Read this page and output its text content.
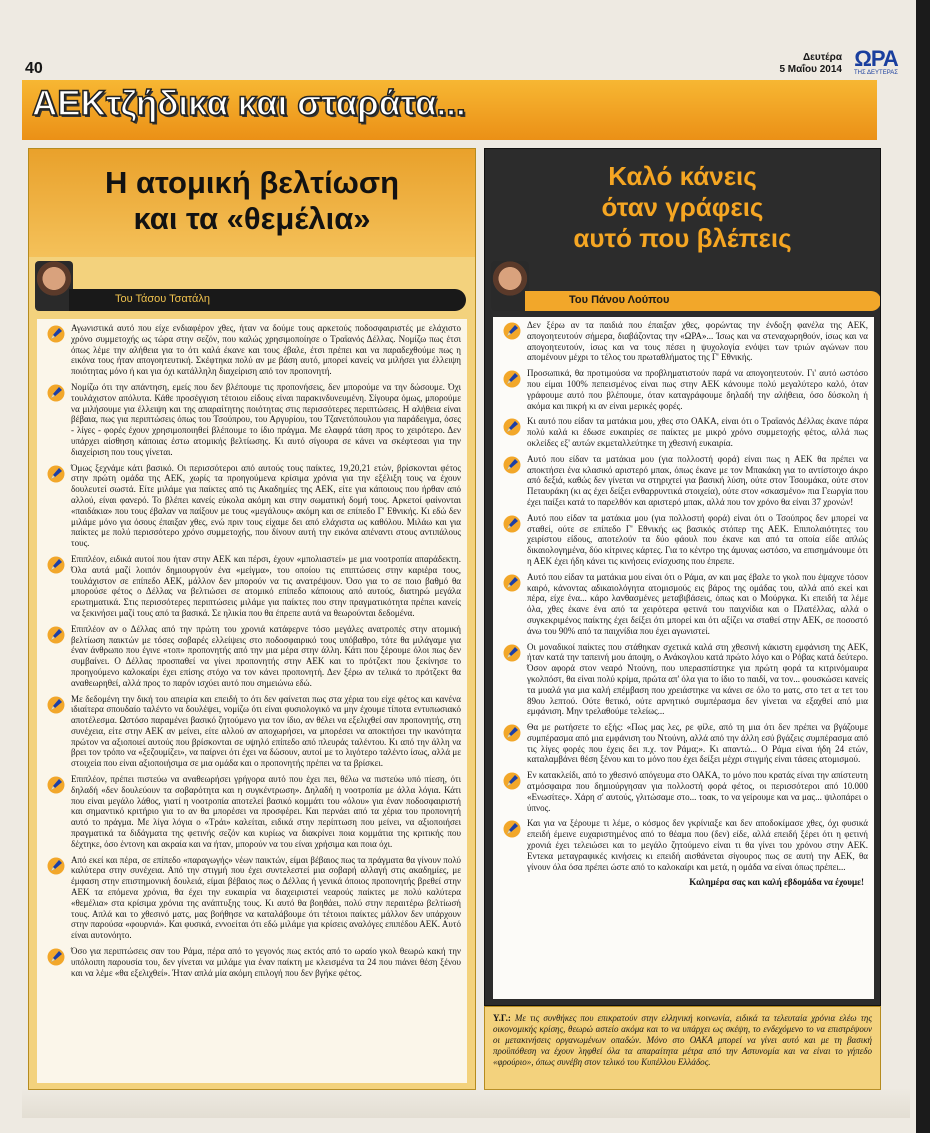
40
Δευτέρα
5 Μαΐου 2014 ΩΡΑ
ΤΗΣ ΔΕΥΤΕΡΑΣ
ΑΕΚτζήδικα και σταράτα...
Η ατομική βελτίωση
και τα «θεμέλια»
Του Τάσου Τσατάλη
Αγωνιστικά αυτό που είχε ενδιαφέρον χθες, ήταν να δούμε τους αρκετούς ποδοσφαιριστές με ελάχιστο χρόνο συμμετοχής ως τώρα στην σεζόν, που καλώς χρησιμοποίησε ο Τραϊανός Δέλλας. Νομίζω πως έτσι όπως λέμε την αλήθεια για το ότι καλά έκανε και τους έβαλε, έτσι πρέπει και να παραδεχθούμε πως η εικόνα τους ήταν απογοητευτική. Σκέφτηκα πολύ αν με βάση αυτό, μπορεί κανείς να μιλήσει για έλλειψη ποιότητας μόνο ή και για όχι κατάλληλη διαχείριση από τον προπονητή.
Νομίζω ότι την απάντηση, εμείς που δεν βλέπουμε τις προπονήσεις, δεν μπορούμε να την δώσουμε. Όχι τουλάχιστον απόλυτα. Κάθε προσέγγιση τέτοιου είδους είναι παρακινδυνευμένη. Σίγουρα όμως, μπορούμε να μιλήσουμε για έλλειψη και της απαραίτητης ποιότητας στις περισσότερες περιπτώσεις. Η αλήθεια είναι βέβαια, πως για περιπτώσεις όπως του Τσούπρου, του Αργυρίου, του Τζανετόπουλου για παράδειγμα, όσες - λίγες - φορές έχουν χρησιμοποιηθεί βλέπουμε το ίδιο πράγμα. Με ελαφρά τάση προς το χειρότερο. Δεν υπάρχει αίσθηση κάποιας έστω ατομικής βελτίωσης. Κι αυτό σίγουρα σε κάνει να σκέφτεσαι για την διαχείριση που τους γίνεται.
Όμως ξεχνάμε κάτι βασικό. Οι περισσότεροι από αυτούς τους παίκτες, 19,20,21 ετών, βρίσκονται φέτος στην πρώτη ομάδα της ΑΕΚ, χωρίς τα προηγούμενα κρίσιμα χρόνια για την εξέλιξη τους να έχουν δουλευτεί σωστά. Είτε μιλάμε για παίκτες από τις Ακαδημίες της ΑΕΚ, είτε για κάποιους που ήρθαν από αλλού, είναι φανερό. Το βλέπει κανείς εύκολα ακόμη και στην σωματική δομή τους. Αρκετοί φαίνονται «παιδάκια» που τους έβαλαν να παίξουν με τους «μεγάλους» ακόμη και σε επίπεδο Γ' Εθνικής. Κι εδώ δεν μιλάμε μόνο για όσους έπαιξαν χθες, ενώ πριν τους είχαμε δει από ελάχιστα ως καθόλου. Μιλάω και για παίκτες με πολύ περισσότερο χρόνο συμμετοχής, που δίνουν αυτή την εικόνα απέναντι στους αντιπάλους τους.
Επιπλέον, ειδικά αυτοί που ήταν στην ΑΕΚ και πέρσι, έχουν «μπολιαστεί» με μια νοοτροπία απαράδεκτη. Όλα αυτά μαζί λοιπόν δημιουργούν ένα «μείγμα», του οποίου τις επιπτώσεις στην καριέρα τους, τουλάχιστον σε επίπεδο ΑΕΚ, μάλλον δεν μπορούν να τις ανατρέψουν. Όσο για το σε ποιο βαθμό θα μπορούσε φέτος ο Δέλλας να βελτιώσει σε ατομικό επίπεδο κάποιους από αυτούς, διατηρώ μεγάλα ερωτηματικά. Στις περισσότερες περιπτώσεις μιλάμε για παίκτες που στην πραγματικότητα πρέπει κανείς να ξεκινήσει μαζί τους από τα βασικά. Σε ηλικία που θα έπρεπε αυτά να θεωρούνται δεδομένα.
Επιπλέον αν ο Δέλλας από την πρώτη του χρονιά κατάφερνε τόσο μεγάλες ανατροπές στην ατομική βελτίωση παικτών με τόσες σοβαρές ελλείψεις στο ποδοσφαιρικό τους υπόβαθρο, τότε θα μιλάγαμε για έναν άνθρωπο που έγινε «τοπ» προπονητής από την μια μέρα στην άλλη. Κάτι που ξέρουμε όλοι πως δεν συμβαίνει. Ο Δέλλας προσπαθεί να γίνει προπονητής στην ΑΕΚ και το πρότζεκτ που ξεκίνησε το προηγούμενο καλοκαίρι έχει επίσης στόχο να τον κάνει προπονητή. Δεν ξέρω αν τελικά το πρότζεκτ θα αναθεωρηθεί, αλλά προς το παρόν ισχύει αυτό που σημειώνω εδώ.
Με δεδομένη την δική του απειρία και επειδή το ότι δεν φαίνεται πως στα χέρια του είχε φέτος και κανένα ιδιαίτερα σπουδαίο ταλέντο να δουλέψει, νομίζω ότι είναι φυσιολογικό να μην έχουμε τίποτα εντυπωσιακό αποτέλεσμα. Ωστόσο παραμένει βασικό ζητούμενο για τον ίδιο, αν θέλει να εξελιχθεί σαν προπονητής, στη συνέχεια, είτε στην ΑΕΚ αν μείνει, είτε αλλού αν αποχωρήσει, να μπορέσει να αποκτήσει την ικανότητα πρώτον να αξιοποιεί αυτούς που βρίσκονται σε υψηλό επίπεδο από πλευράς ταλέντου. Κι από την άλλη να βρει τον τρόπο να «ξεζουμίζει», να παίρνει ότι έχει να δώσουν, αυτοί με το λιγότερο ταλέντο ίσως, αλλά με στοιχεία που είναι αξιοποιήσιμα σε μια ομάδα και ο προπονητής πρέπει να τα βρίσκει.
Επιπλέον, πρέπει πιστεύω να αναθεωρήσει γρήγορα αυτό που έχει πει, θέλω να πιστεύω υπό πίεση, ότι δηλαδή «δεν δουλεύουν τα σοβαρότητα και η συγκέντρωση». Δηλαδή η νοοτροπία με άλλα λόγια. Κάτι που είναι μεγάλο λάθος, γιατί η νοοτροπία αποτελεί βασικό κομμάτι του «όλου» για έναν ποδοσφαιριστή και σημαντικό κριτήριο για το αν θα μπορέσει να προσφέρει. Και περνάει από τα χέρια του προπονητή αυτό το πράγμα. Με λίγα λόγια ο «Τράι» καλείται, ειδικά στην περίπτωση που μείνει, να αξιοποιήσει πραγματικά τα διδάγματα της φετινής σεζόν και κυρίως να διακρίνει ποια κομμάτια της κριτικής που δέχτηκε, όσο έντονη και ακραία και να ήταν, μπορούν να του είναι χρήσιμα και ποια όχι.
Από εκεί και πέρα, σε επίπεδο «παραγωγής» νέων παικτών, είμαι βέβαιος πως τα πράγματα θα γίνουν πολύ καλύτερα στην συνέχεια. Από την στιγμή που έχει συντελεστεί μια σοβαρή αλλαγή στις ακαδημίες, με έμφαση στην επιστημονική δουλειά, είμαι βέβαιος πως ο Δέλλας ή γενικά όποιος προπονητής βρεθεί στην ΑΕΚ τα επόμενα χρόνια, θα έχει την ευκαιρία να διαχειριστεί νεαρούς παίκτες με πολύ καλύτερα «θεμέλια» στα κρίσιμα χρόνια της ανάπτυξης τους. Κι αυτό θα βοηθάει, πολύ στην περαιτέρω βελτίωσή τους. Απλά και το χθεσινό ματς, μας βοήθησε να καταλάβουμε ότι τέτοιοι παίκτες μάλλον δεν υπάρχουν στην παρούσα «φουρνιά». Και φυσικά, εννοείται ότι εδώ μιλάμε για κρίσεις αναλόγες επιπέδου ΑΕΚ. Αυτό είναι αυτονόητο.
Όσο για περιπτώσεις σαν του Ράμα, πέρα από το γεγονός πως εκτός από το ωραίο γκολ θεωρώ κακή την υπόλοιπη παρουσία του, δεν γίνεται να μιλάμε για έναν παίκτη με κλεισμένα τα 24 που πιάνει θέση ξένου και να λέμε «θα εξελιχθεί». Ήταν απλά μία ακόμη επιλογή που δεν βγήκε φέτος.
Καλό κάνεις
όταν γράφεις
αυτό που βλέπεις
Του Πάνου Λούπου
Δεν ξέρω αν τα παιδιά που έπαιξαν χθες, φορώντας την ένδοξη φανέλα της ΑΕΚ, απογοητευτούν σήμερα, διαβάζοντας την «ΩΡΑ»... Ίσως και να στεναχωρηθούν, ίσως και να απογοητευτούν, ίσως και να τους πέσει η ψυχολογία ενόψει των τριών αγώνων που απομένουν μέχρι το τέλος του πρωταθλήματος της Γ' Εθνικής.
Προσωπικά, θα προτιμούσα να προβληματιστούν παρά να απογοητευτούν. Γι' αυτό ωστόσο που είμαι 100% πεπεισμένος είναι πως στην ΑΕΚ κάνουμε πολύ μεγαλύτερο καλό, όταν γράφουμε αυτό που βλέπουμε, όταν καταγράφουμε δηλαδή την αλήθεια, όσο δύσκολη ή ακόμα και πικρή κι αν είναι μερικές φορές.
Κι αυτό που είδαν τα ματάκια μου, χθες στο ΟΑΚΑ, είναι ότι ο Τραϊανός Δέλλας έκανε πάρα πολύ καλά κι έδωσε ευκαιρίες σε παίκτες με μικρό χρόνο συμμετοχής φέτος, αλλά πως οκλείδες εξ' αυτών εκμεταλλεύτηκε τη χθεσινή ευκαιρία.
Αυτό που είδαν τα ματάκια μου (για πολλοστή φορά) είναι πως η ΑΕΚ θα πρέπει να αποκτήσει ένα κλασικό αριστερό μπακ, όπως έκανε με τον Μπακάκη για το αντίστοιχο άκρο από δεξιά, καθώς δεν γίνεται να στηριχτεί για βασική λύση, ούτε στον Τσουμάκα, ούτε στον Πεταυράκη (κι ας έχει δείξει ενθαρρυντικά στοιχεία), ούτε στον «σκασμένο» πια Γεωργία που έχει παίξει κατά το παρελθόν και αριστερό μπακ, αλλά που τον χρόνο θα είναι 37 χρονών!
Αυτό που είδαν τα ματάκια μου (για πολλοστή φορά) είναι ότι ο Τσούπρος δεν μπορεί να σταθεί, ούτε σε επίπεδο Γ' Εθνικής ως βασικός στόπερ της ΑΕΚ. Επιπολαιότητες του χειρίστου είδους, αποτελούν τα δύο φάουλ που έκανε και από τα οποία είδε απλώς δικαιολογημένα, δύο κίτρινες κάρτες. Για το κέντρο της άμυνας ωστόσο, να επισημάνουμε ότι η ΑΕΚ έχει ήδη κάνει τις κινήσεις ενίσχυσης που έπρεπε.
Αυτό που είδαν τα ματάκια μου είναι ότι ο Ράμα, αν και μας έβαλε το γκολ που έψαχνε τόσον καιρό, κάνοντας αδικαιολόγητα ατομισμούς εις βάρος της ομάδας του, αλλά από εκεί και πέρα, είχε ένα... κάρο λανθασμένες μεταβιβάσεις, όπως και ο Μούργκα. Κι επειδή τα λέμε όλα, χθες έκανε ένα από τα χειρότερα φετινά του παιχνίδια και ο Πλατέλλας, αλλά ο συγκεκριμένος παίκτης έχει δείξει ότι μπορεί και ότι αξίζει να σταθεί στην ΑΕΚ, σε ποσοστό άνω του 90% από τα παιχνίδια που έχει αγωνιστεί.
Οι μοναδικοί παίκτες που στάθηκαν σχετικά καλά στη χθεσινή κάκιστη εμφάνιση της ΑΕΚ, ήταν κατά την ταπεινή μου άποψη, ο Ανάκογλου κατά πρώτο λόγο και ο Ρόβας κατά δεύτερο. Όσον αφορά στον νεαρό Ντούνη, που υπερασπίστηκε για πρώτη φορά τα κιτρινόμαυρα γκολπόστ, θα είναι πολύ κρίμα, πρώτα απ' όλα για το ίδιο το παιδί, να τον... φουσκώσει κανείς τα μυαλά για μια καλή επέμβαση που χρειάστηκε να κάνει σε όλο το ματς, στο τετ α τετ του 89ου λεπτού. Ούτε θετικό, ούτε αρνητικό συμπέρασμα δεν γίνεται να εξαχθεί από μια εμφάνιση. Μην τρελαθούμε τελείως...
Θα με ρωτήσετε το εξής: «Πως μας λες, ρε φίλε, από τη μια ότι δεν πρέπει να βγάζουμε συμπέρασμα από μια εμφάνιση του Ντούνη, αλλά από την άλλη εσύ βγάζεις συμπέρασμα από τις λίγες φορές που έχεις δει π.χ. τον Ράμα;». Κι απαντώ... Ο Ράμα είναι ήδη 24 ετών, καταλαμβάνει θέση ξένου και το μόνο που έχει δείξει μέχρι στιγμής είναι τάσεις ατομισμού.
Εν κατακλείδι, από το χθεσινό απόγευμα στο ΟΑΚΑ, το μόνο που κρατάς είναι την απίστευτη ατμόσφαιρα που δημιούργησαν για πολλοστή φορά φέτος, οι περισσότεροι από 10.000 «Ενωσίτες». Χάρη σ' αυτούς, γλιτώσαμε στο... τοακ, το να γείρουμε και να μας... ψιλοπάρει ο ύπνος.
Και για να ξέρουμε τι λέμε, ο κόσμος δεν γκρίνιαξε και δεν αποδοκίμασε χθες, όχι φυσικά επειδή έμεινε ευχαριστημένος από το θέαμα που (δεν) είδε, αλλά επειδή ξέρει ότι η φετινή χρονιά έχει τελειώσει και το μεγάλο ζητούμενο είναι τι θα γίνει του χρόνου στην ΑΕΚ. Εντεκα μεταγραφικές κινήσεις κι επειδή αισθάνεται σίγουρος πως σε αυτή την ΑΕΚ, θα γίνουν όλα όσα πρέπει ώστε από το καλοκαίρι και μετά, η ομάδα να είναι όπως πρέπει...
Καλημέρα σας και καλή εβδομάδα να έχουμε!
Υ.Γ.: Με τις συνθήκες που επικρατούν στην ελληνική κοινωνία, ειδικά τα τελευταία χρόνια ελέω της οικονομικής κρίσης, θεωρώ αστείο ακόμα και το να υπάρχει ως σκέψη, το ενδεχόμενο το να επιστρέψουν οι μετακινήσεις οργανωμένων οπαδών. Μόνο στο ΟΑΚΑ μπορεί να γίνει αυτό και με τη βασική προϋπόθεση να έχουν ληφθεί όλα τα απαραίτητα μέτρα από την Αστυνομία και να είναι το γήπεδο «φρούριο», όπως συνέβη στον τελικό του Κυπέλλου Ελλάδος.
